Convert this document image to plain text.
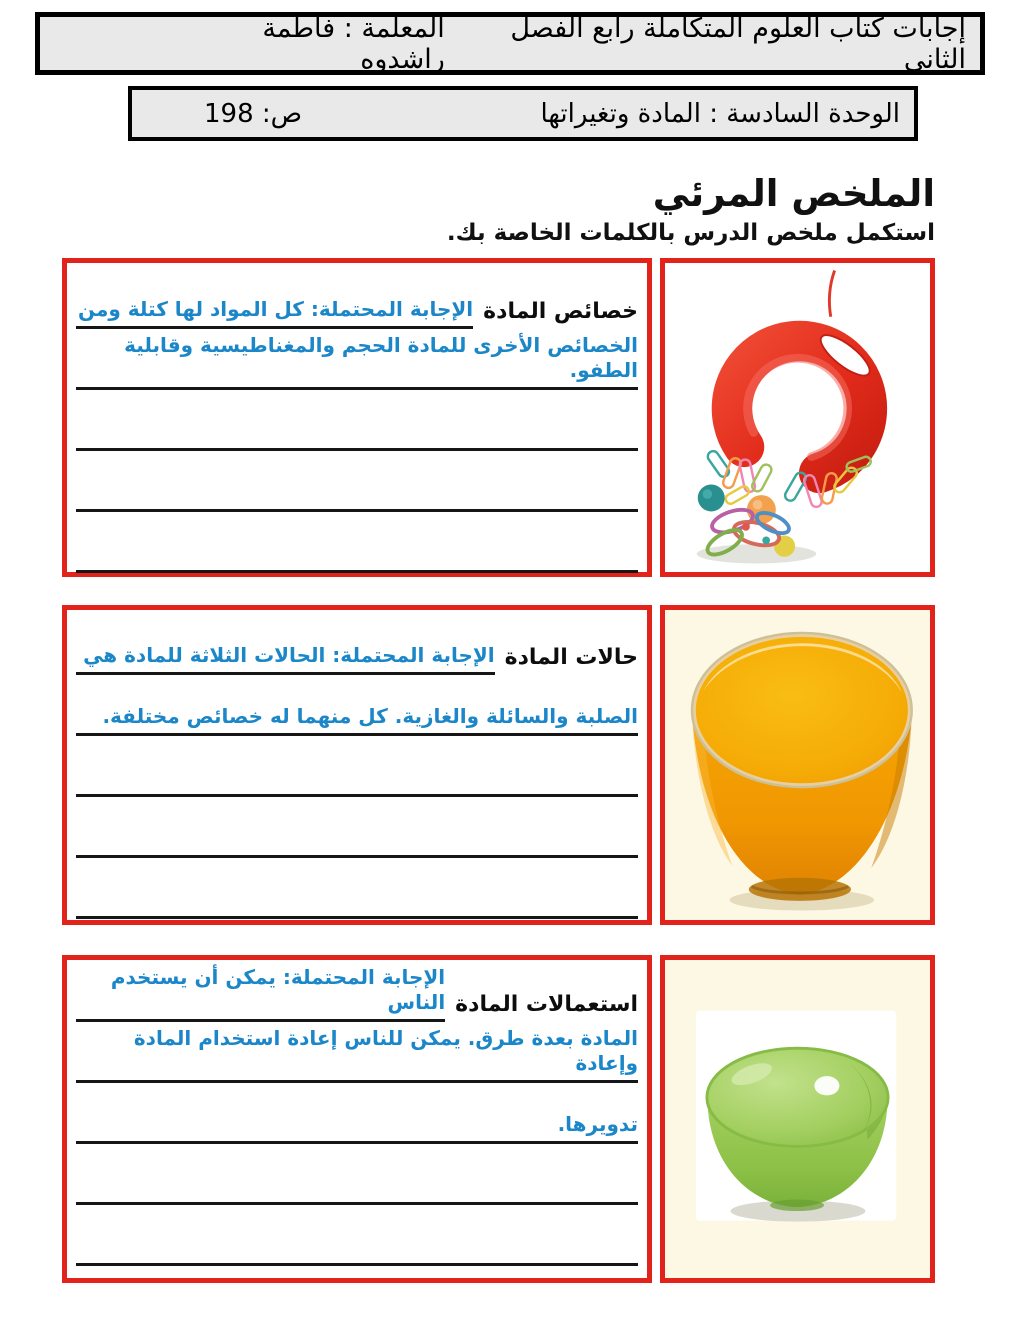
إجابات كتاب العلوم المتكاملة رابع الفصل الثاني
المعلمة : فاطمة راشدوه
الوحدة السادسة : المادة وتغيراتها
ص: 198
الملخص المرئي
استكمل ملخص الدرس بالكلمات الخاصة بك.
خصائص المادة
الإجابة المحتملة: كل المواد لها كتلة ومن
الخصائص الأخرى للمادة الحجم والمغناطيسية وقابلية الطفو.
حالات المادة
الإجابة المحتملة: الحالات الثلاثة للمادة هي
الصلبة والسائلة والغازية. كل منهما له خصائص مختلفة.
استعمالات المادة
الإجابة المحتملة: يمكن أن يستخدم الناس
المادة بعدة طرق. يمكن للناس إعادة استخدام المادة وإعادة
تدويرها.
